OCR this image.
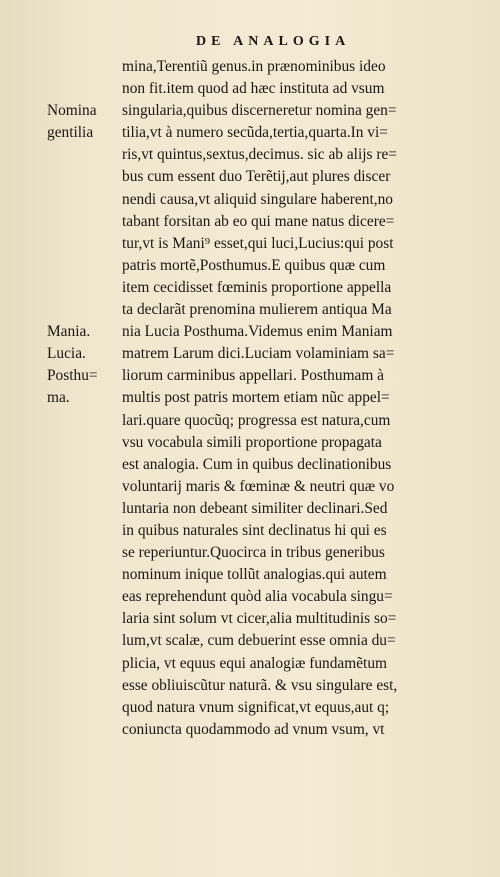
DE ANALOGIA
Nomina
gentilia
Mania.
Lucia.
Posthu=
ma.
mina,Terentiũ genus.in prænominibus ideo
non fit.item quod ad hæc instituta ad vsum
singularia,quibus discerneretur nomina gen=
tilia,vt à numero secũda,tertia,quarta.In vi=
ris,vt quintus,sextus,decimus. sic ab alijs re=
bus cum essent duo Terẽtij,aut plures discer
nendi causa,vt aliquid singulare haberent,no
tabant forsitan ab eo qui mane natus dicere=
tur,vt is Mani⁹ esset,qui luci,Lucius:qui post
patris mortẽ,Posthumus.E quibus quæ cum
item cecidisset fœminis proportione appella
ta declarãt prenomina mulierem antiqua Ma
nia Lucia Posthuma.Videmus enim Maniam
matrem Larum dici.Luciam volaminiam sa=
liorum carminibus appellari. Posthumam à
multis post patris mortem etiam nũc appel=
lari.quare quocũq; progressa est natura,cum
vsu vocabula simili proportione propagata
est analogia. Cum in quibus declinationibus
voluntarij maris & fœminæ & neutri quæ vo
luntaria non debeant similiter declinari.Sed
in quibus naturales sint declinatus hi qui es
se reperiuntur.Quocirca in tribus generibus
nominum inique tollũt analogias.qui autem
eas reprehendunt quòd alia vocabula singu=
laria sint solum vt cicer,alia multitudinis so=
lum,vt scalæ, cum debuerint esse omnia du=
plicia, vt equus equi analogiæ fundamẽtum
esse obliuiscũtur naturã. & vsu singulare est,
quod natura vnum significat,vt equus,aut q;
coniuncta quodammodo ad vnum vsum, vt
